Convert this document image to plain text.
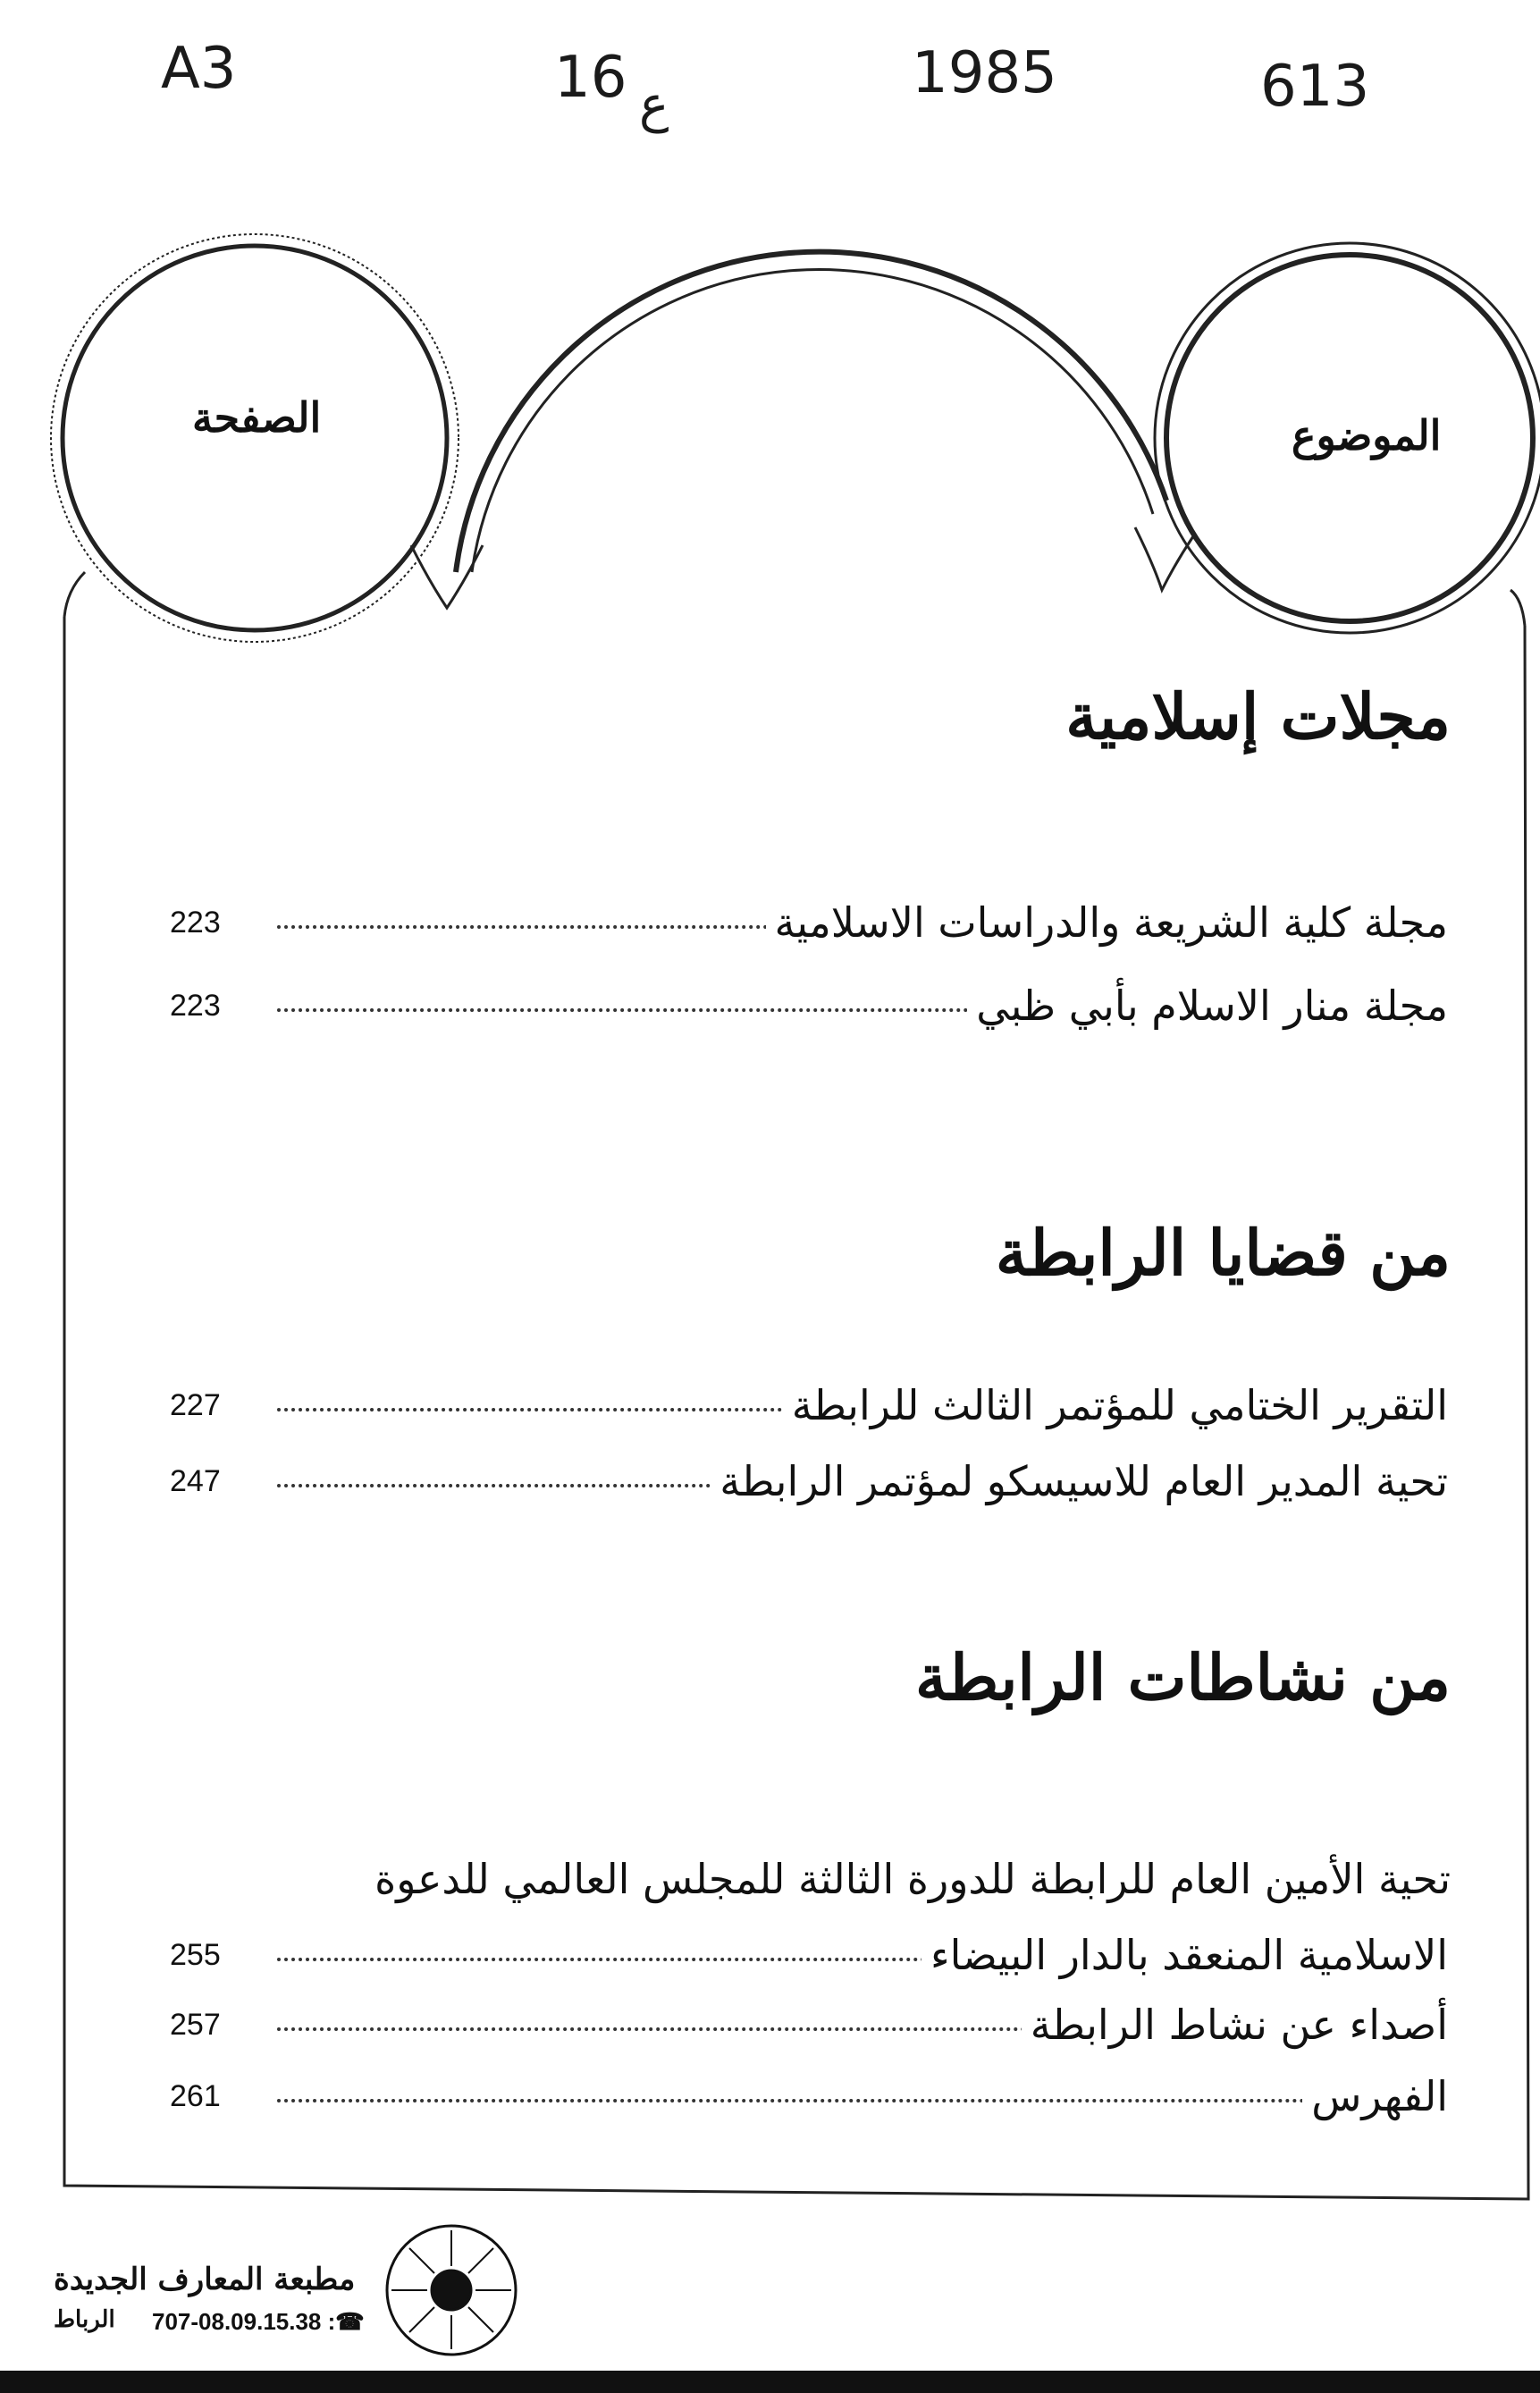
A3	16 ع	1985	613
الصفحة	الموضوع
مجلات إسلامية
223	مجلة كلية الشريعة والدراسات الاسلامية
223	مجلة منار الاسلام بأبي ظبي
من قضايا الرابطة
227	التقرير الختامي للمؤتمر الثالث للرابطة
247	تحية المدير العام للاسيسكو لمؤتمر الرابطة
من نشاطات الرابطة
تحية الأمين العام للرابطة للدورة الثالثة للمجلس العالمي للدعوة
255	الاسلامية المنعقد بالدار البيضاء
257	أصداء عن نشاط الرابطة
261	الفهرس
مطبعة المعارف الجديدة
الرباط 707-08.09.15.38 :☎
